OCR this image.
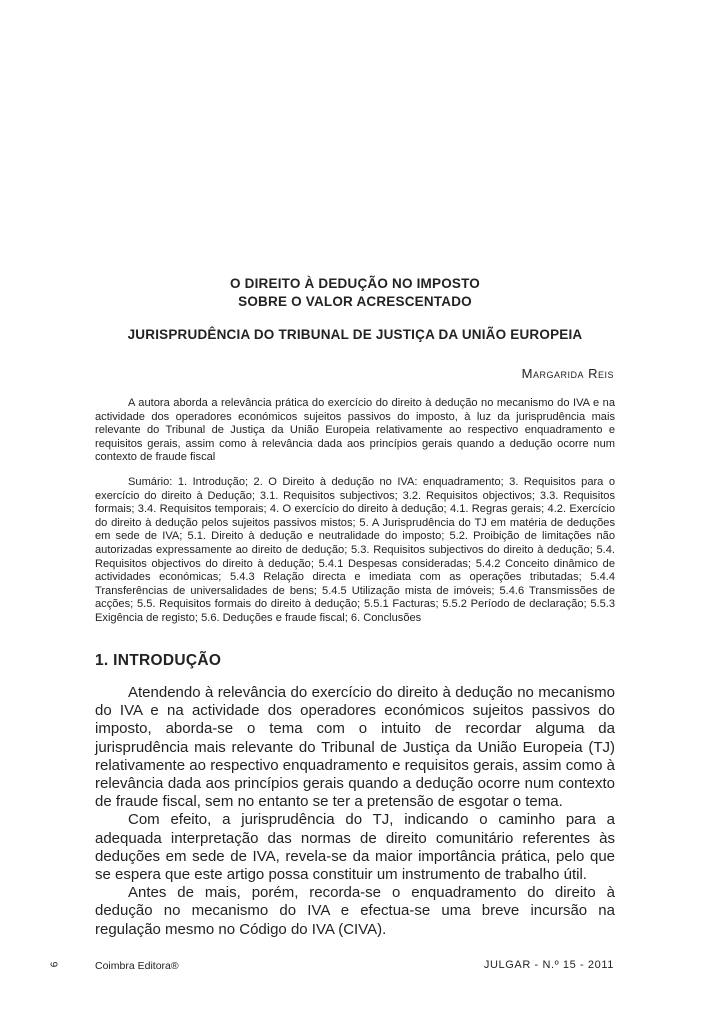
O DIREITO À DEDUÇÃO NO IMPOSTO
SOBRE O VALOR ACRESCENTADO
JURISPRUDÊNCIA DO TRIBUNAL DE JUSTIÇA DA UNIÃO EUROPEIA
Margarida Reis

A autora aborda a relevância prática do exercício do direito à dedução no mecanismo do IVA e na actividade dos operadores económicos sujeitos passivos do imposto, à luz da jurisprudência mais relevante do Tribunal de Justiça da União Europeia relativamente ao respectivo enquadramento e requisitos gerais, assim como à relevância dada aos princípios gerais quando a dedução ocorre num contexto de fraude fiscal

Sumário: 1. Introdução; 2. O Direito à dedução no IVA: enquadramento; 3. Requisitos para o exercício do direito à Dedução; 3.1. Requisitos subjectivos; 3.2. Requisitos objectivos; 3.3. Requisitos formais; 3.4. Requisitos temporais; 4. O exercício do direito à dedução; 4.1. Regras gerais; 4.2. Exercício do direito à dedução pelos sujeitos passivos mistos; 5. A Jurisprudência do TJ em matéria de deduções em sede de IVA; 5.1. Direito à dedução e neutralidade do imposto; 5.2. Proibição de limitações não autorizadas expressamente ao direito de dedução; 5.3. Requisitos subjectivos do direito à dedução; 5.4. Requisitos objectivos do direito à dedução; 5.4.1 Despesas consideradas; 5.4.2 Conceito dinâmico de actividades económicas; 5.4.3 Relação directa e imediata com as operações tributadas; 5.4.4 Transferências de universalidades de bens; 5.4.5 Utilização mista de imóveis; 5.4.6 Transmissões de acções; 5.5. Requisitos formais do direito à dedução; 5.5.1 Facturas; 5.5.2 Período de declaração; 5.5.3 Exigência de registo; 5.6. Deduções e fraude fiscal; 6. Conclusões

1. INTRODUÇÃO

Atendendo à relevância do exercício do direito à dedução no mecanismo do IVA e na actividade dos operadores económicos sujeitos passivos do imposto, aborda-se o tema com o intuito de recordar alguma da jurisprudência mais relevante do Tribunal de Justiça da União Europeia (TJ) relativamente ao respectivo enquadramento e requisitos gerais, assim como à relevância dada aos princípios gerais quando a dedução ocorre num contexto de fraude fiscal, sem no entanto se ter a pretensão de esgotar o tema.

Com efeito, a jurisprudência do TJ, indicando o caminho para a adequada interpretação das normas de direito comunitário referentes às deduções em sede de IVA, revela-se da maior importância prática, pelo que se espera que este artigo possa constituir um instrumento de trabalho útil.

Antes de mais, porém, recorda-se o enquadramento do direito à dedução no mecanismo do IVA e efectua-se uma breve incursão na regulação mesmo no Código do IVA (CIVA).

6	Coimbra Editora®	JULGAR - N.º 15 - 2011
